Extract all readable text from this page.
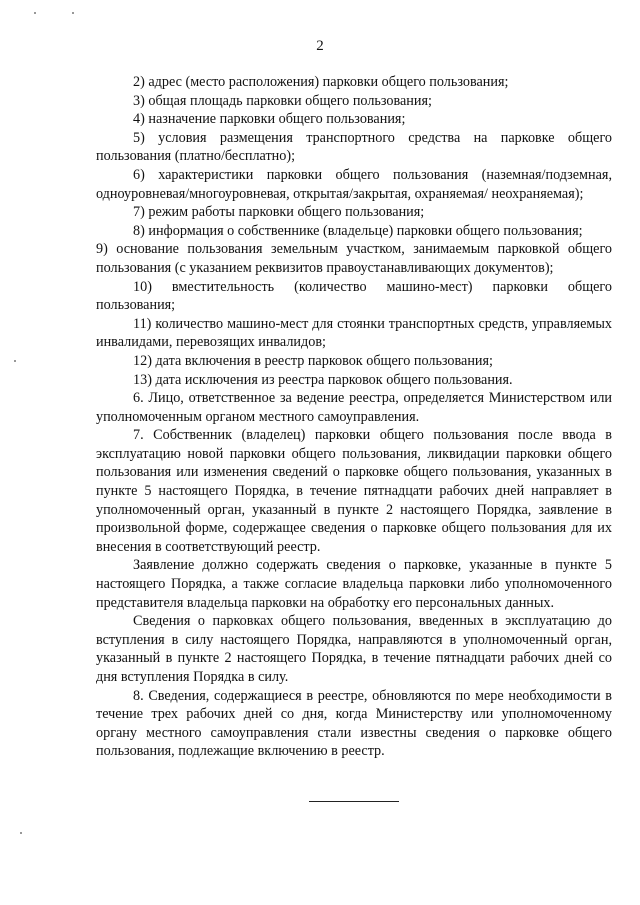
2

2) адрес (место расположения) парковки общего пользования;

3) общая площадь парковки общего пользования;

4) назначение парковки общего пользования;

5) условия размещения транспортного средства на парковке общего пользования (платно/бесплатно);

6) характеристики парковки общего пользования (наземная/подземная, одноуровневая/многоуровневая, открытая/закрытая, охраняемая/ неохраняемая);

7) режим работы парковки общего пользования;

8) информация о собственнике (владельце) парковки общего пользования;

9) основание пользования земельным участком, занимаемым парковкой общего пользования (с указанием реквизитов правоустанавливающих документов);

10) вместительность (количество машино-мест) парковки общего пользования;

11) количество машино-мест для стоянки транспортных средств, управляемых инвалидами, перевозящих инвалидов;

12) дата включения в реестр парковок общего пользования;

13) дата исключения из реестра парковок общего пользования.

6. Лицо, ответственное за ведение реестра, определяется Министерством или уполномоченным органом местного самоуправления.

7. Собственник (владелец) парковки общего пользования после ввода в эксплуатацию новой парковки общего пользования, ликвидации парковки общего пользования или изменения сведений о парковке общего пользования, указанных в пункте 5 настоящего Порядка, в течение пятнадцати рабочих дней направляет в уполномоченный орган, указанный в пункте 2 настоящего Порядка, заявление в произвольной форме, содержащее сведения о парковке общего пользования для их внесения в соответствующий реестр.

Заявление должно содержать сведения о парковке, указанные в пункте 5 настоящего Порядка, а также согласие владельца парковки либо уполномоченного представителя владельца парковки на обработку его персональных данных.

Сведения о парковках общего пользования, введенных в эксплуатацию до вступления в силу настоящего Порядка, направляются в уполномоченный орган, указанный в пункте 2 настоящего Порядка, в течение пятнадцати рабочих дней со дня вступления Порядка в силу.

8. Сведения, содержащиеся в реестре, обновляются по мере необходимости в течение трех рабочих дней со дня, когда Министерству или уполномоченному органу местного самоуправления стали известны сведения о парковке общего пользования, подлежащие включению в реестр.
